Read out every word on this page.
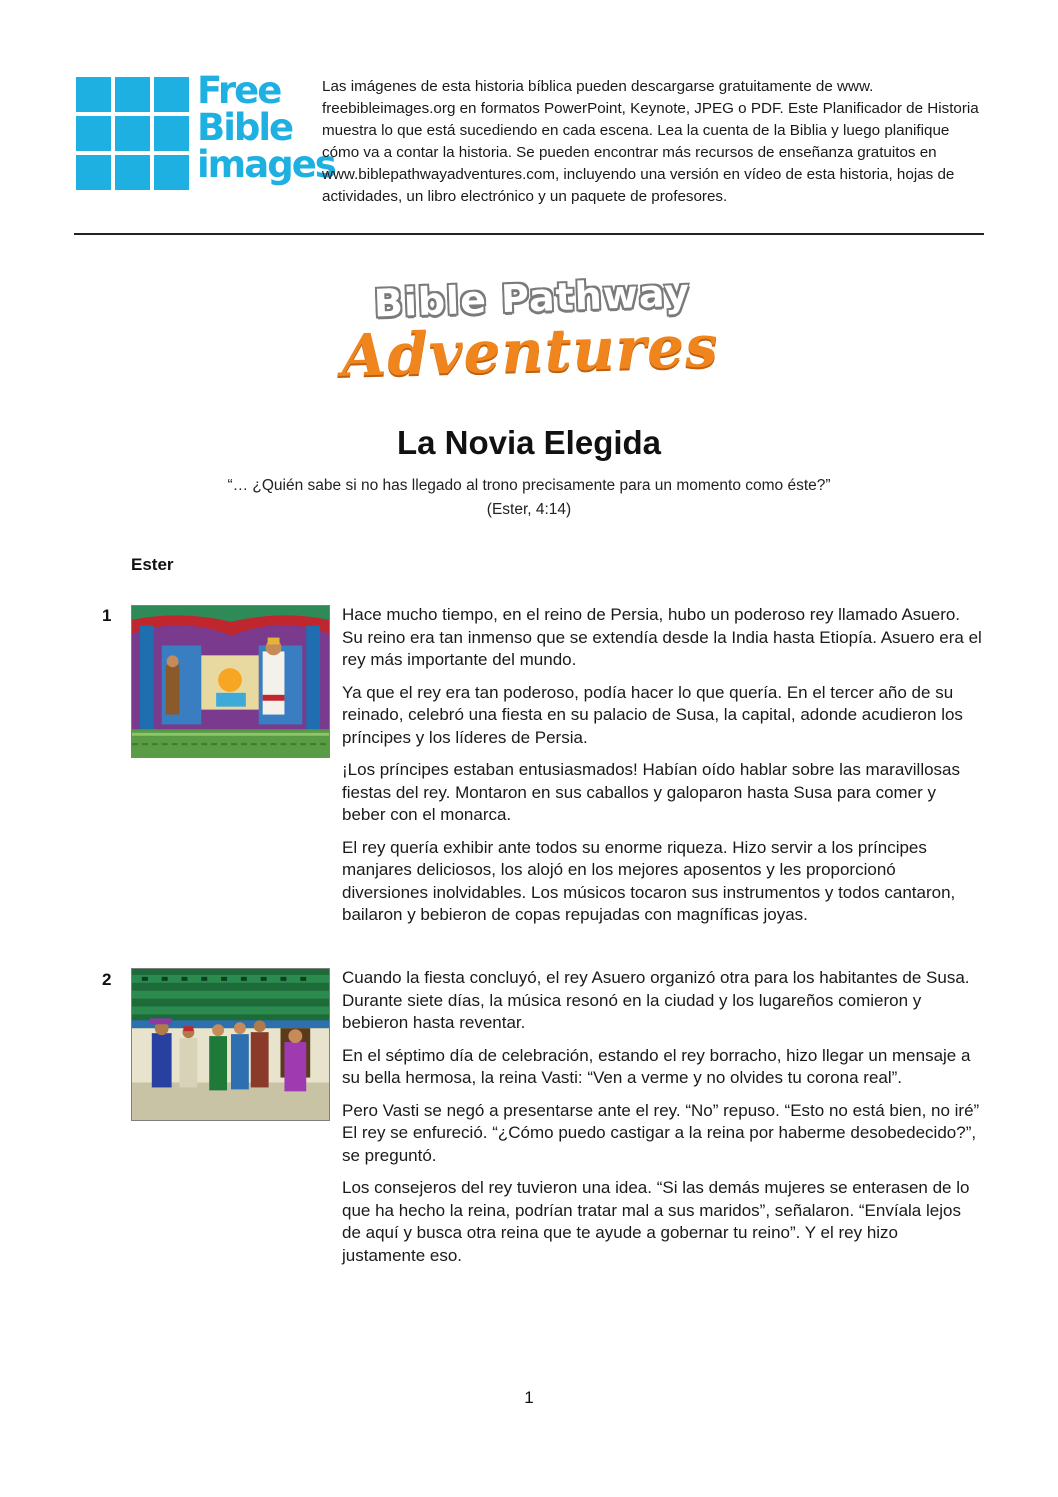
Free
Bible
images
Las imágenes de esta historia bíblica pueden descargarse gratuitamente de www. freebibleimages.org en formatos PowerPoint, Keynote, JPEG o PDF. Este Planificador de Historia muestra lo que está sucediendo en cada escena. Lea la cuenta de la Biblia y luego planifique cómo va a contar la historia. Se pueden encontrar más recursos de enseñanza gratuitos en www.biblepathwayadventures.com, incluyendo una versión en vídeo de esta historia, hojas de actividades, un libro electrónico y un paquete de profesores.
Bible Pathway
Adventures
La Novia Elegida
“… ¿Quién sabe si no has llegado al trono precisamente para un momento como éste?”
(Ester, 4:14)
Ester
1	Hace mucho tiempo, en el reino de Persia, hubo un poderoso rey llamado Asuero. Su reino era tan inmenso que se extendía desde la India hasta Etiopía. Asuero era el rey más importante del mundo.

Ya que el rey era tan poderoso, podía hacer lo que quería. En el tercer año de su reinado, celebró una fiesta en su palacio de Susa, la capital, adonde acudieron los príncipes y los líderes de Persia.

¡Los príncipes estaban entusiasmados! Habían oído hablar sobre las maravillosas fiestas del rey. Montaron en sus caballos y galoparon hasta Susa para comer y beber con el monarca.

El rey quería exhibir ante todos su enorme riqueza. Hizo servir a los príncipes manjares deliciosos, los alojó en los mejores aposentos y les proporcionó diversiones inolvidables. Los músicos tocaron sus instrumentos y todos cantaron, bailaron y bebieron de copas repujadas con magníficas joyas.

2	Cuando la fiesta concluyó, el rey Asuero organizó otra para los habitantes de Susa. Durante siete días, la música resonó en la ciudad y los lugareños comieron y bebieron hasta reventar.

En el séptimo día de celebración, estando el rey borracho, hizo llegar un mensaje a su bella hermosa, la reina Vasti: “Ven a verme y no olvides tu corona real”.

Pero Vasti se negó a presentarse ante el rey. “No” repuso. “Esto no está bien, no iré” El rey se enfureció. “¿Cómo puedo castigar a la reina por haberme desobedecido?”, se preguntó.

Los consejeros del rey tuvieron una idea. “Si las demás mujeres se enterasen de lo que ha hecho la reina, podrían tratar mal a sus maridos”, señalaron. “Envíala lejos de aquí y busca otra reina que te ayude a gobernar tu reino”. Y el rey hizo justamente eso.

1
